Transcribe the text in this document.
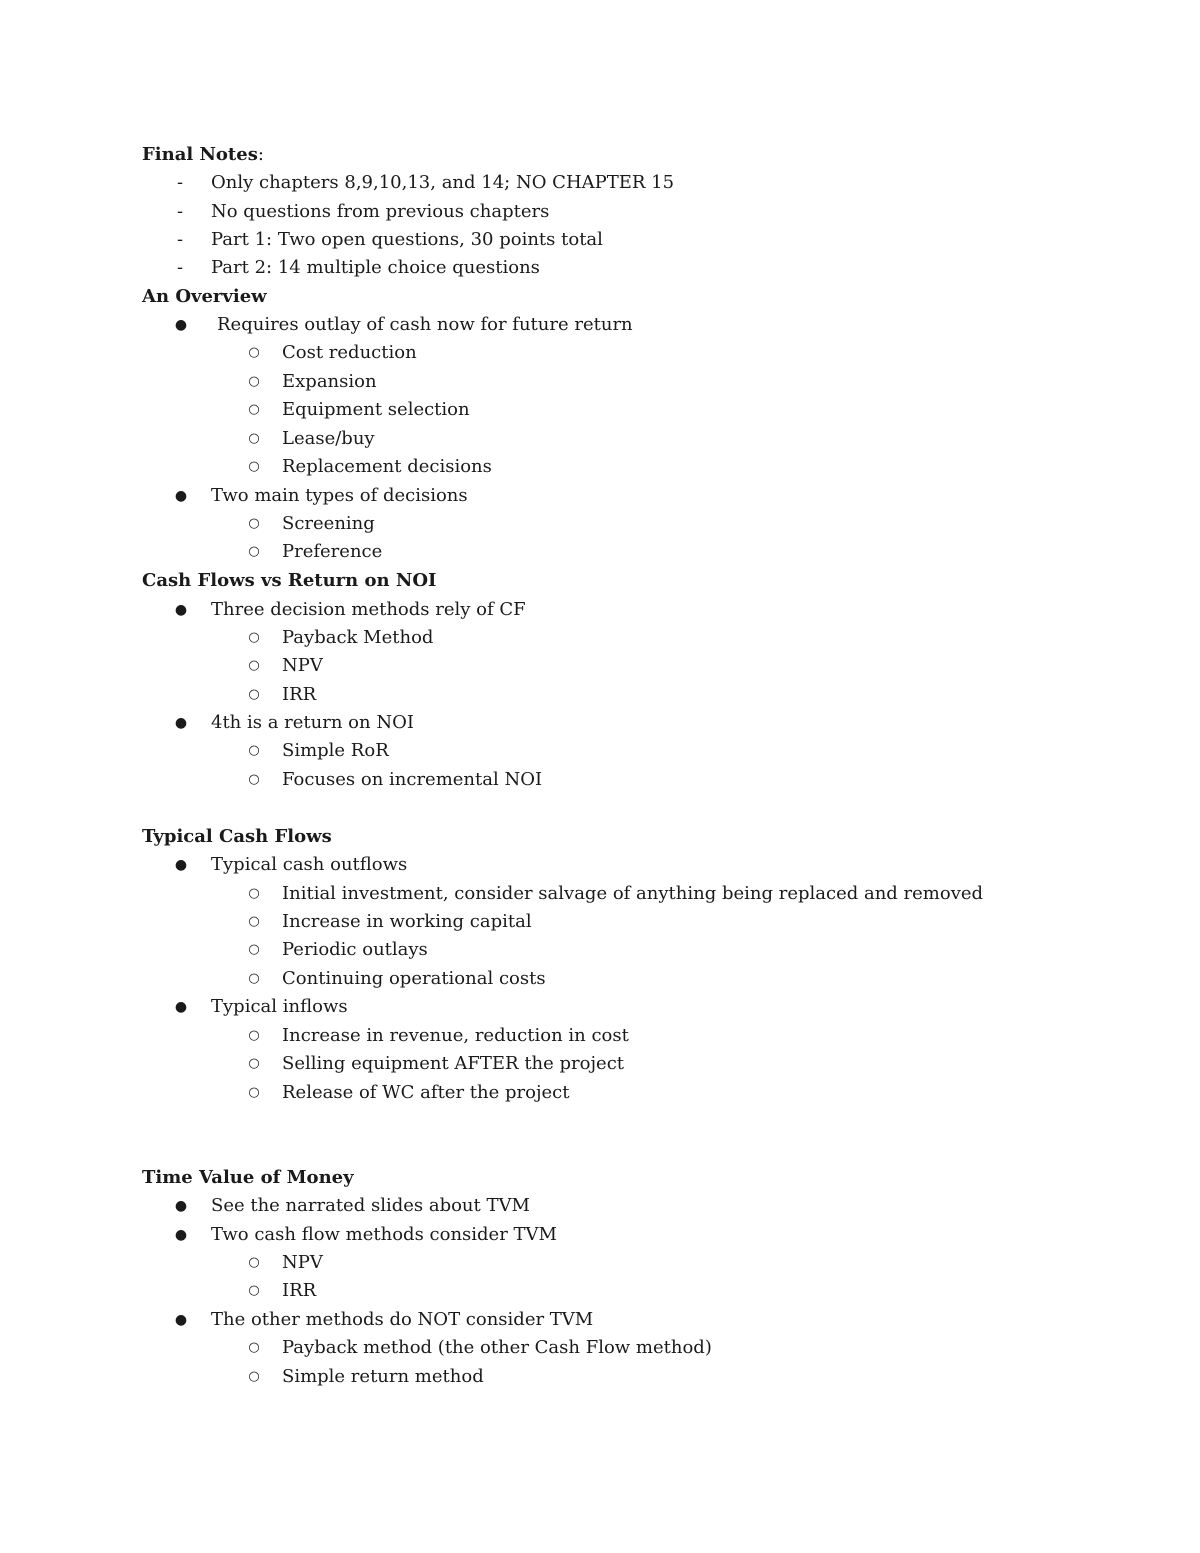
Final Notes:
- Only chapters 8,9,10,13, and 14; NO CHAPTER 15
- No questions from previous chapters
- Part 1: Two open questions, 30 points total
- Part 2: 14 multiple choice questions
An Overview
● Requires outlay of cash now for future return
○ Cost reduction
○ Expansion
○ Equipment selection
○ Lease/buy
○ Replacement decisions
● Two main types of decisions
○ Screening
○ Preference
Cash Flows vs Return on NOI
● Three decision methods rely of CF
○ Payback Method
○ NPV
○ IRR
● 4th is a return on NOI
○ Simple RoR
○ Focuses on incremental NOI
Typical Cash Flows
● Typical cash outflows
○ Initial investment, consider salvage of anything being replaced and removed
○ Increase in working capital
○ Periodic outlays
○ Continuing operational costs
● Typical inflows
○ Increase in revenue, reduction in cost
○ Selling equipment AFTER the project
○ Release of WC after the project
Time Value of Money
● See the narrated slides about TVM
● Two cash flow methods consider TVM
○ NPV
○ IRR
● The other methods do NOT consider TVM
○ Payback method (the other Cash Flow method)
○ Simple return method
